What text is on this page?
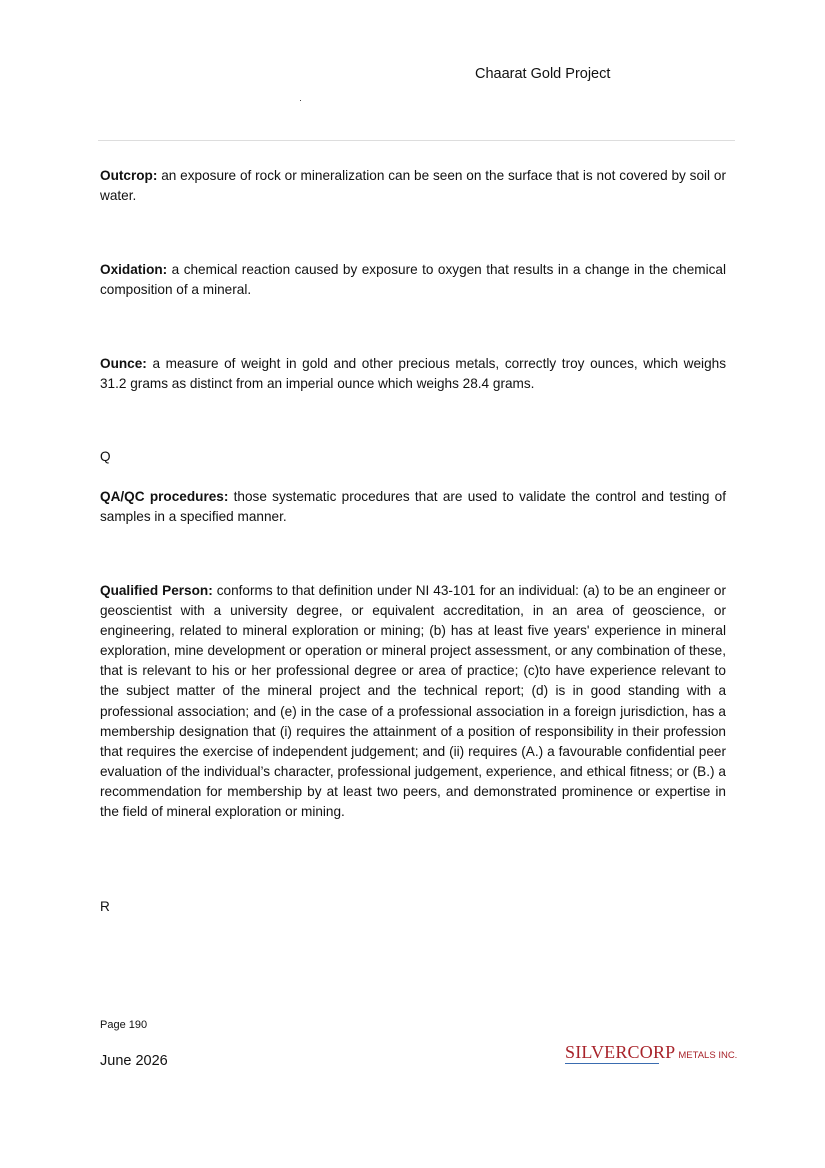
Chaarat Gold Project
Outcrop: an exposure of rock or mineralization can be seen on the surface that is not covered by soil or water.
Oxidation: a chemical reaction caused by exposure to oxygen that results in a change in the chemical composition of a mineral.
Ounce: a measure of weight in gold and other precious metals, correctly troy ounces, which weighs 31.2 grams as distinct from an imperial ounce which weighs 28.4 grams.
Q
QA/QC procedures: those systematic procedures that are used to validate the control and testing of samples in a specified manner.
Qualified Person: conforms to that definition under NI 43-101 for an individual: (a) to be an engineer or geoscientist with a university degree, or equivalent accreditation, in an area of geoscience, or engineering, related to mineral exploration or mining; (b) has at least five years' experience in mineral exploration, mine development or operation or mineral project assessment, or any combination of these, that is relevant to his or her professional degree or area of practice; (c)to have experience relevant to the subject matter of the mineral project and the technical report; (d) is in good standing with a professional association; and (e) in the case of a professional association in a foreign jurisdiction, has a membership designation that (i) requires the attainment of a position of responsibility in their profession that requires the exercise of independent judgement; and (ii) requires (A.) a favourable confidential peer evaluation of the individual’s character, professional judgement, experience, and ethical fitness; or (B.) a recommendation for membership by at least two peers, and demonstrated prominence or expertise in the field of mineral exploration or mining.
R
Page 190
June 2026	SILVERCORP METALS INC.
